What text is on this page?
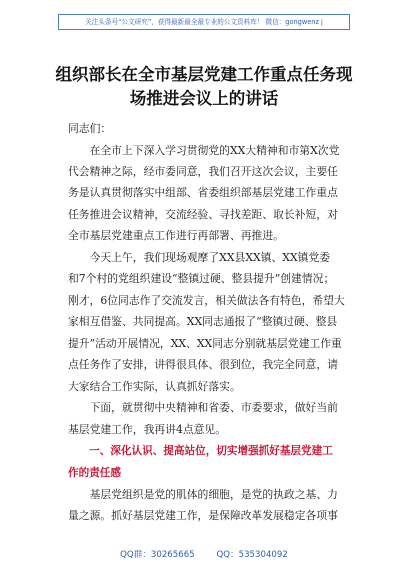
关注头条号“公文研究”，获得最新最全最专业的公文资料库！ 微信：gongwenz j
组织部长在全市基层党建工作重点任务现
场推进会议上的讲话
同志们：
　　在全市上下深入学习贯彻党的XX大精神和市第X次党
代会精神之际，经市委同意，我们召开这次会议，主要任
务是认真贯彻落实中组部、省委组织部基层党建工作重点
任务推进会议精神，交流经验、寻找差距、取长补短，对
全市基层党建重点工作进行再部署、再推进。
　　今天上午，我们现场观摩了XX县XX镇、XX镇党委
和7个村的党组织建设“整镇过硬、整县提升”创建情况；
刚才，6位同志作了交流发言，相关做法各有特色，希望大
家相互借鉴、共同提高。XX同志通报了“整镇过硬、整县
提升”活动开展情况，XX、XX同志分别就基层党建工作重
点任务作了安排，讲得很具体、很到位，我完全同意，请
大家结合工作实际，认真抓好落实。
　　下面，就贯彻中央精神和省委、市委要求，做好当前
基层党建工作，我再讲4点意见。
　　一、深化认识、提高站位，切实增强抓好基层党建工
作的责任感
　　基层党组织是党的肌体的细胞，是党的执政之基、力
量之源。抓好基层党建工作，是保障改革发展稳定各项事
QQ群：30265665        QQ：535304092
